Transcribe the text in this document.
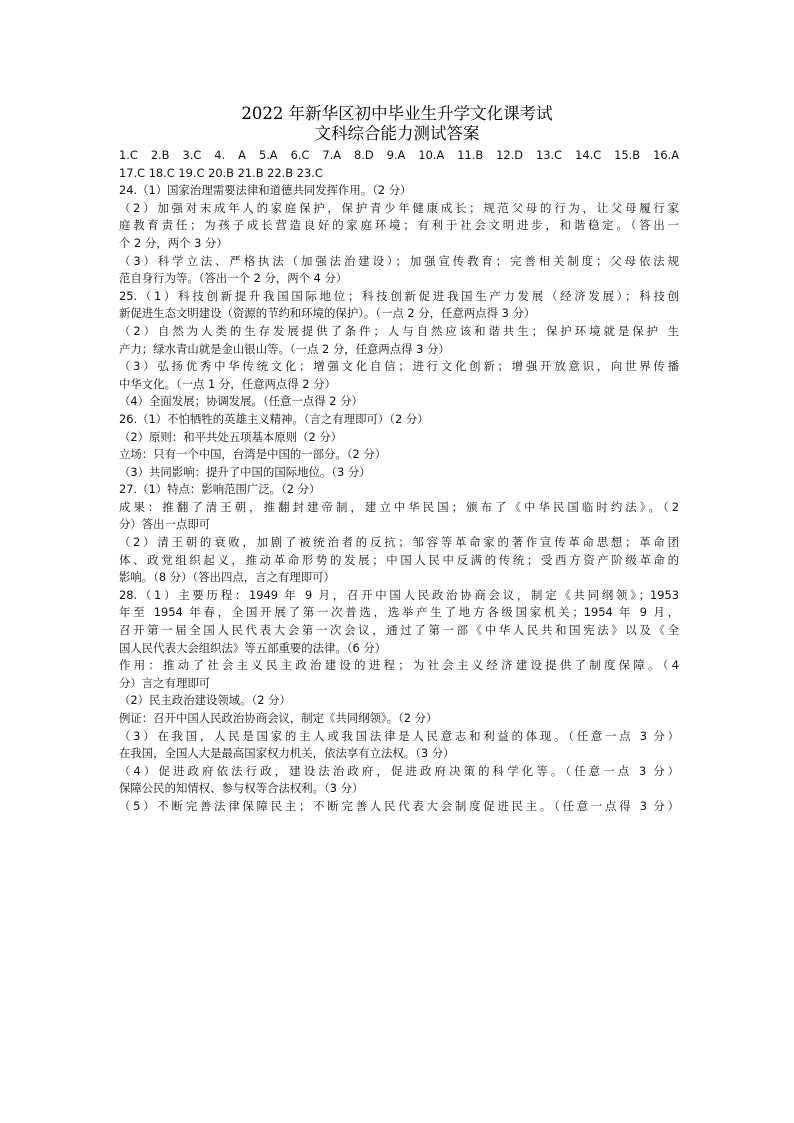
2022 年新华区初中毕业生升学文化课考试
文科综合能力测试答案
1.C 2.B 3.C 4. A 5.A 6.C 7.A 8.D 9.A 10.A 11.B 12.D 13.C 14.C 15.B 16.A
17.C 18.C 19.C 20.B 21.B 22.B 23.C
24.（1）国家治理需要法律和道德共同发挥作用。（2 分）
（2）加强对未成年人的家庭保护，保护青少年健康成长；规范父母的行为，让父母履行家
庭教育责任；为孩子成长营造良好的家庭环境；有利于社会文明进步，和谐稳定。（答出一
个 2 分，两个 3 分）
（3）科学立法、严格执法（加强法治建设）；加强宣传教育；完善相关制度；父母依法规
范自身行为等。（答出一个 2 分，两个 4 分）
25.（1）科技创新提升我国国际地位；科技创新促进我国生产力发展（经济发展）；科技创
新促进生态文明建设（资源的节约和环境的保护）。（一点 2 分，任意两点得 3 分）
（2）自然为人类的生存发展提供了条件；人与自然应该和谐共生；保护环境就是保护 生
产力；绿水青山就是金山银山等。（一点 2 分，任意两点得 3 分）
（3）弘扬优秀中华传统文化；增强文化自信；进行文化创新；增强开放意识，向世界传播
中华文化。（一点 1 分，任意两点得 2 分）
（4）全面发展；协调发展。（任意一点得 2 分）
26.（1）不怕牺牲的英雄主义精神。（言之有理即可）（2 分）
（2）原则：和平共处五项基本原则（2 分）
立场：只有一个中国，台湾是中国的一部分。（2 分）
（3）共同影响：提升了中国的国际地位。（3 分）
27.（1）特点：影响范围广泛。（2 分）
成果：推翻了清王朝，推翻封建帝制，建立中华民国；颁布了《中华民国临时约法》。（2
分）答出一点即可
（2）清王朝的衰败，加剧了被统治者的反抗；邹容等革命家的著作宣传革命思想；革命团
体、政党组织起义，推动革命形势的发展；中国人民中反满的传统；受西方资产阶级革命的
影响。（8 分）（答出四点，言之有理即可）
28.（1）主要历程：1949 年 9 月，召开中国人民政治协商会议，制定《共同纲领》；1953
年至 1954 年春，全国开展了第一次普选，选举产生了地方各级国家机关；1954 年 9 月，
召开第一届全国人民代表大会第一次会议，通过了第一部《中华人民共和国宪法》以及《全
国人民代表大会组织法》等五部重要的法律。（6 分）
作用：推动了社会主义民主政治建设的进程；为社会主义经济建设提供了制度保障。（4
分）言之有理即可
（2）民主政治建设领域。（2 分）
例证：召开中国人民政治协商会议，制定《共同纲领》。（2 分）
（3）在我国，人民是国家的主人或我国法律是人民意志和利益的体现。（任意一点 3 分）
在我国，全国人大是最高国家权力机关，依法享有立法权。（3 分）
（4）促进政府依法行政，建设法治政府，促进政府决策的科学化等。（任意一点 3 分）
保障公民的知情权、参与权等合法权利。（3 分）
（5）不断完善法律保障民主；不断完善人民代表大会制度促进民主。（任意一点得 3 分）
